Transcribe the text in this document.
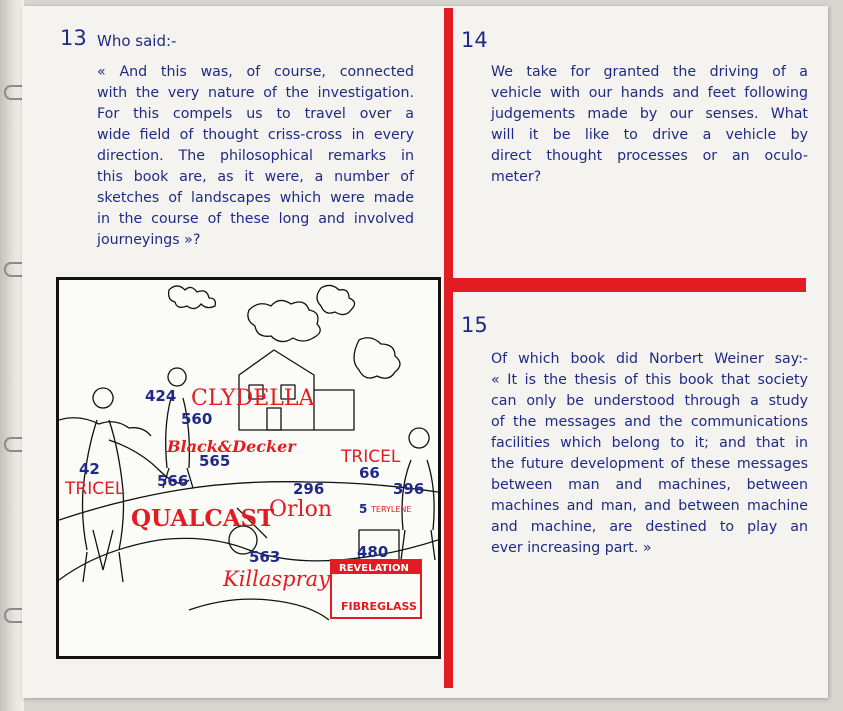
13 Who said:-
« And this was, of course, connected
with the very nature of the investigation.
For this compels us to travel over a
wide field of thought criss-cross in every
direction. The philosophical remarks in
this book are, as it were, a number of
sketches of landscapes which were made
in the course of these long and involved
journeyings »?
14
We take for granted the driving of a
vehicle with our hands and feet following
judgements made by our senses. What
will it be like to drive a vehicle by
direct thought processes or an oculo-
meter?
15
Of which book did Norbert Weiner say:-
« It is the thesis of this book that society
can only be understood through a study
of the messages and the communications
facilities which belong to it; and that in
the future development of these messages
between man and machines, between
machines and man, and between machine
and machine, are destined to play an
ever increasing part. »
CLYDELLA
Black&Decker
TRICEL
TRICEL
QUALCAST
Orlon
Killaspray
TERYLENE
REVELATION
FIBREGLASS
424
560
565
42
566	296
66
396
563	480
5
